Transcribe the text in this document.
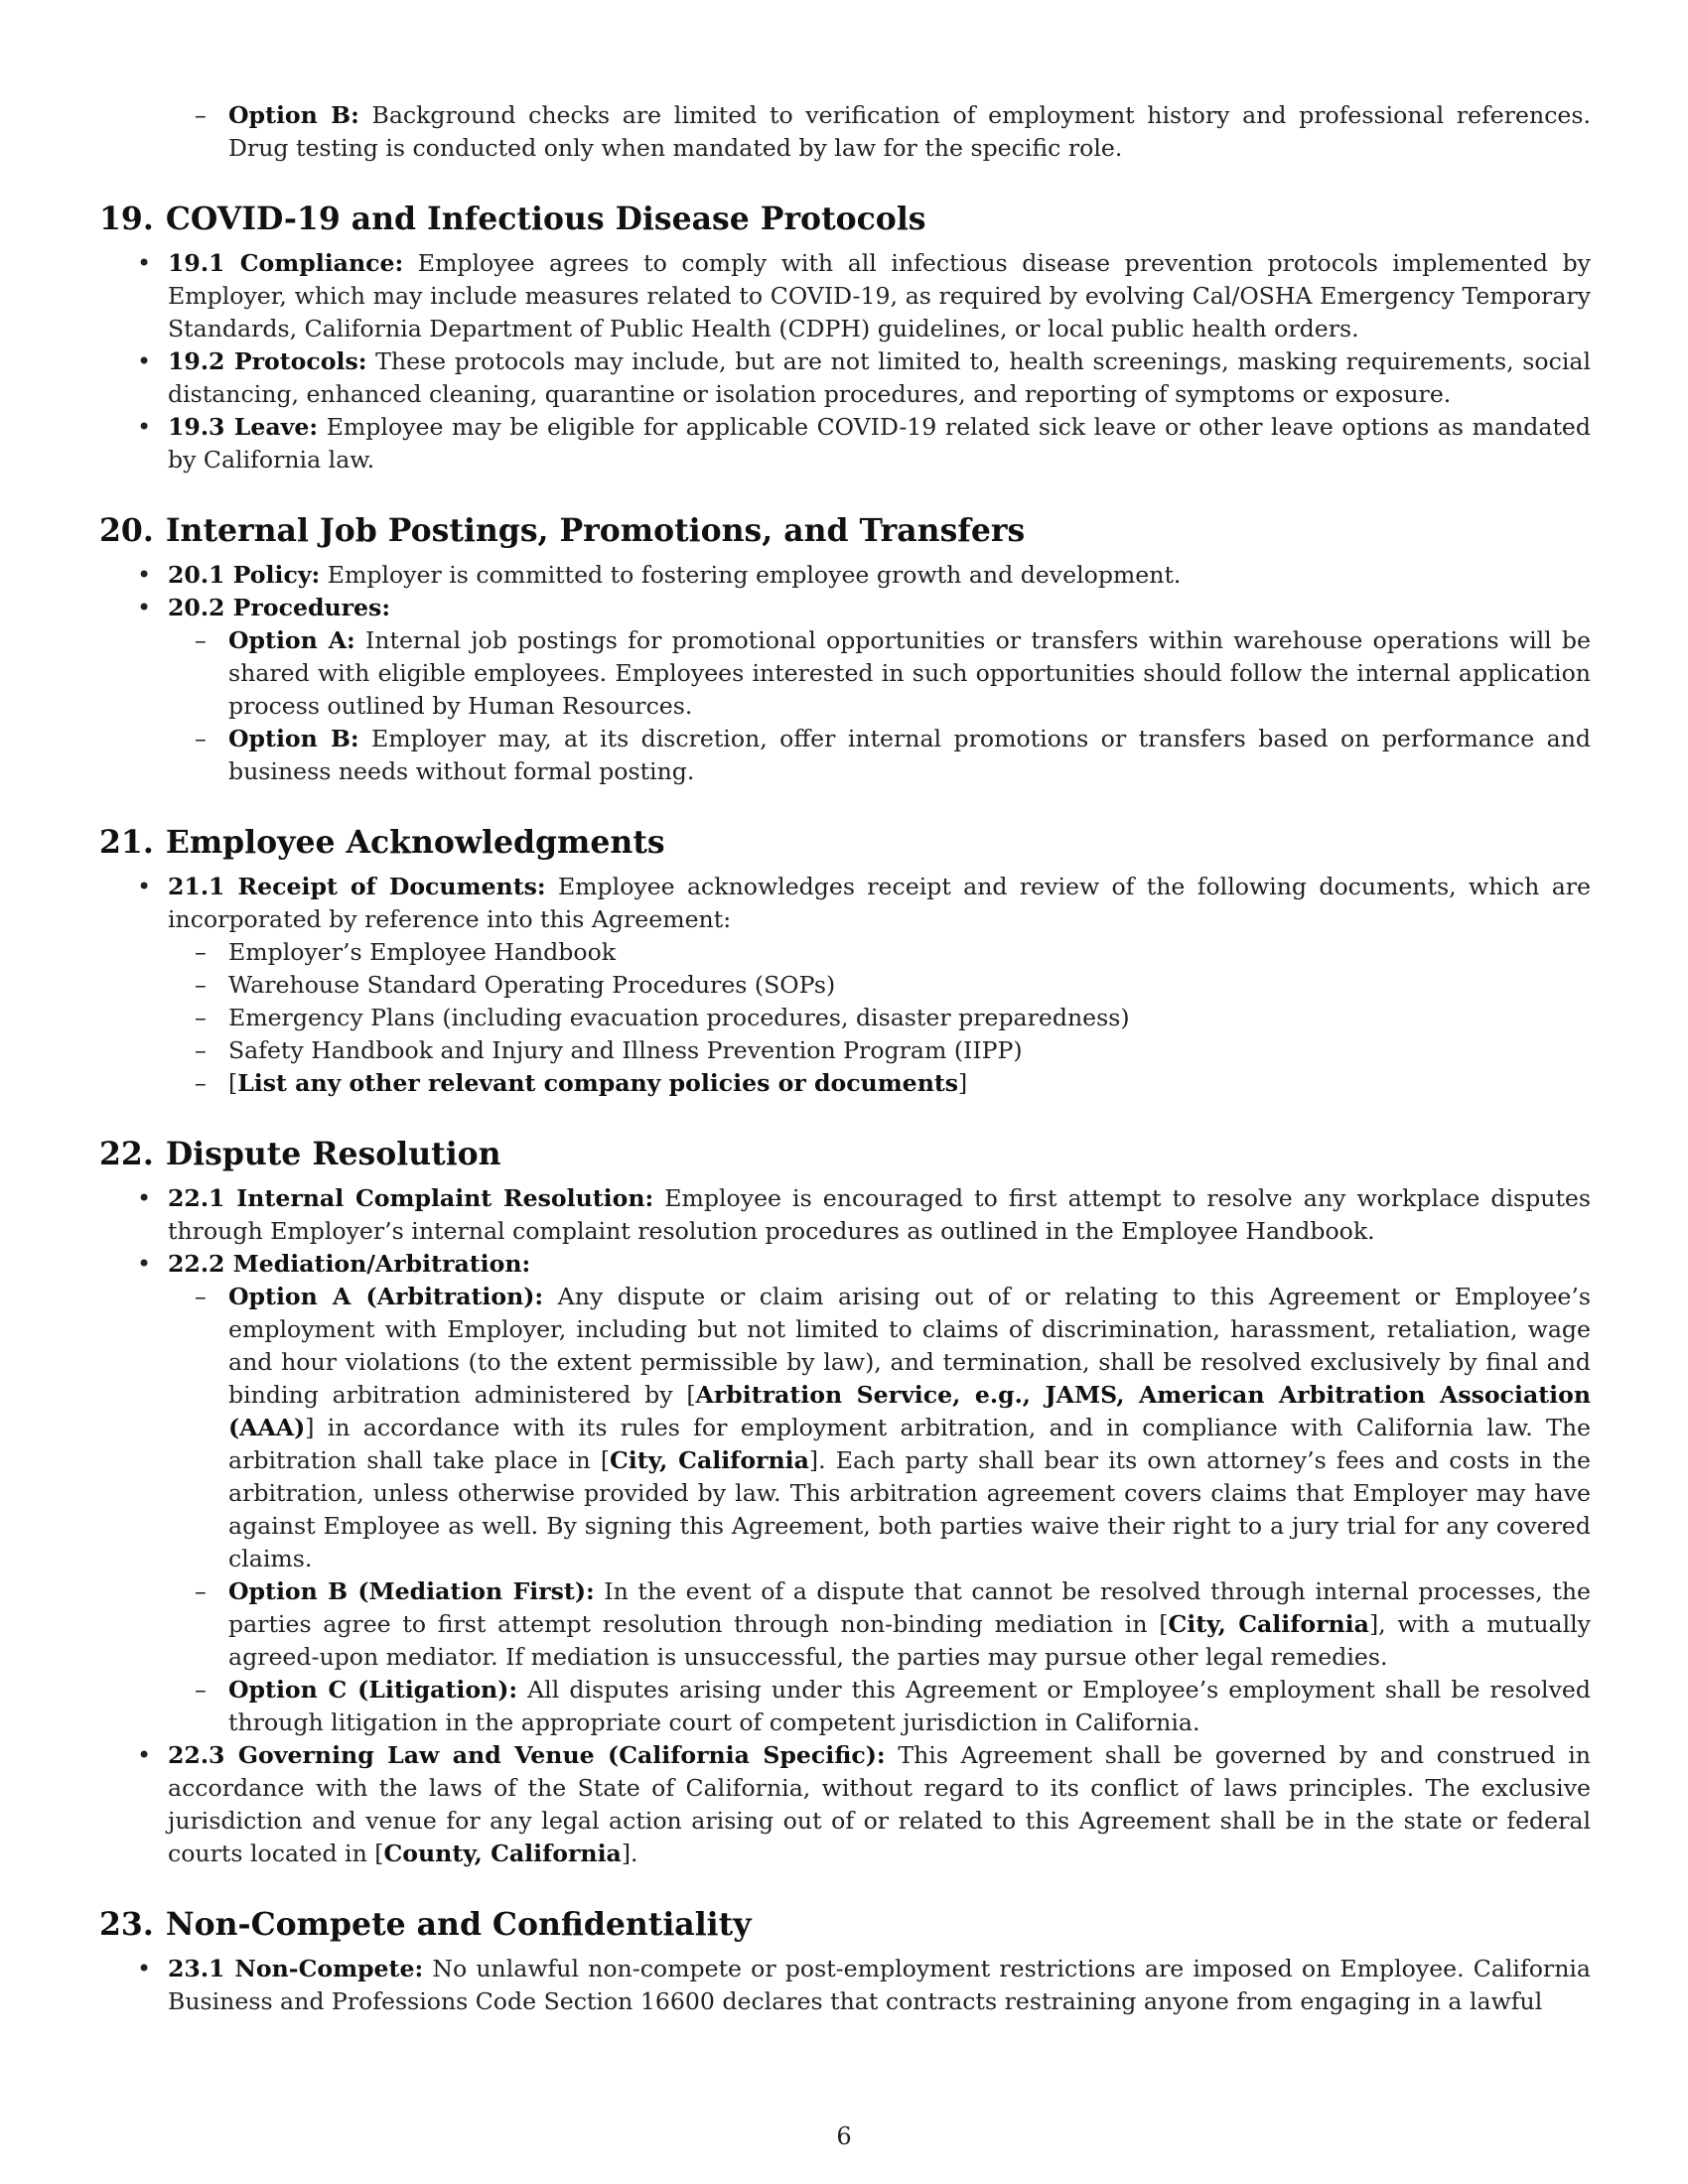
– Option B: Background checks are limited to verification of employment history and professional references. Drug testing is conducted only when mandated by law for the specific role.
19. COVID-19 and Infectious Disease Protocols
• 19.1 Compliance: Employee agrees to comply with all infectious disease prevention protocols implemented by Employer, which may include measures related to COVID-19, as required by evolving Cal/OSHA Emergency Temporary Standards, California Department of Public Health (CDPH) guidelines, or local public health orders.
• 19.2 Protocols: These protocols may include, but are not limited to, health screenings, masking requirements, social distancing, enhanced cleaning, quarantine or isolation procedures, and reporting of symptoms or exposure.
• 19.3 Leave: Employee may be eligible for applicable COVID-19 related sick leave or other leave options as mandated by California law.
20. Internal Job Postings, Promotions, and Transfers
• 20.1 Policy: Employer is committed to fostering employee growth and development.
• 20.2 Procedures:
– Option A: Internal job postings for promotional opportunities or transfers within warehouse operations will be shared with eligible employees. Employees interested in such opportunities should follow the internal application process outlined by Human Resources.
– Option B: Employer may, at its discretion, offer internal promotions or transfers based on performance and business needs without formal posting.
21. Employee Acknowledgments
• 21.1 Receipt of Documents: Employee acknowledges receipt and review of the following documents, which are incorporated by reference into this Agreement:
– Employer’s Employee Handbook
– Warehouse Standard Operating Procedures (SOPs)
– Emergency Plans (including evacuation procedures, disaster preparedness)
– Safety Handbook and Injury and Illness Prevention Program (IIPP)
– [List any other relevant company policies or documents]
22. Dispute Resolution
• 22.1 Internal Complaint Resolution: Employee is encouraged to first attempt to resolve any workplace disputes through Employer’s internal complaint resolution procedures as outlined in the Employee Handbook.
• 22.2 Mediation/Arbitration:
– Option A (Arbitration): Any dispute or claim arising out of or relating to this Agreement or Employee’s employment with Employer, including but not limited to claims of discrimination, harassment, retaliation, wage and hour violations (to the extent permissible by law), and termination, shall be resolved exclusively by final and binding arbitration administered by [Arbitration Service, e.g., JAMS, American Arbitration Association (AAA)] in accordance with its rules for employment arbitration, and in compliance with California law. The arbitration shall take place in [City, California]. Each party shall bear its own attorney’s fees and costs in the arbitration, unless otherwise provided by law. This arbitration agreement covers claims that Employer may have against Employee as well. By signing this Agreement, both parties waive their right to a jury trial for any covered claims.
– Option B (Mediation First): In the event of a dispute that cannot be resolved through internal processes, the parties agree to first attempt resolution through non-binding mediation in [City, California], with a mutually agreed-upon mediator. If mediation is unsuccessful, the parties may pursue other legal remedies.
– Option C (Litigation): All disputes arising under this Agreement or Employee’s employment shall be resolved through litigation in the appropriate court of competent jurisdiction in California.
• 22.3 Governing Law and Venue (California Specific): This Agreement shall be governed by and construed in accordance with the laws of the State of California, without regard to its conflict of laws principles. The exclusive jurisdiction and venue for any legal action arising out of or related to this Agreement shall be in the state or federal courts located in [County, California].
23. Non-Compete and Confidentiality
• 23.1 Non-Compete: No unlawful non-compete or post-employment restrictions are imposed on Employee. California Business and Professions Code Section 16600 declares that contracts restraining anyone from engaging in a lawful
6
